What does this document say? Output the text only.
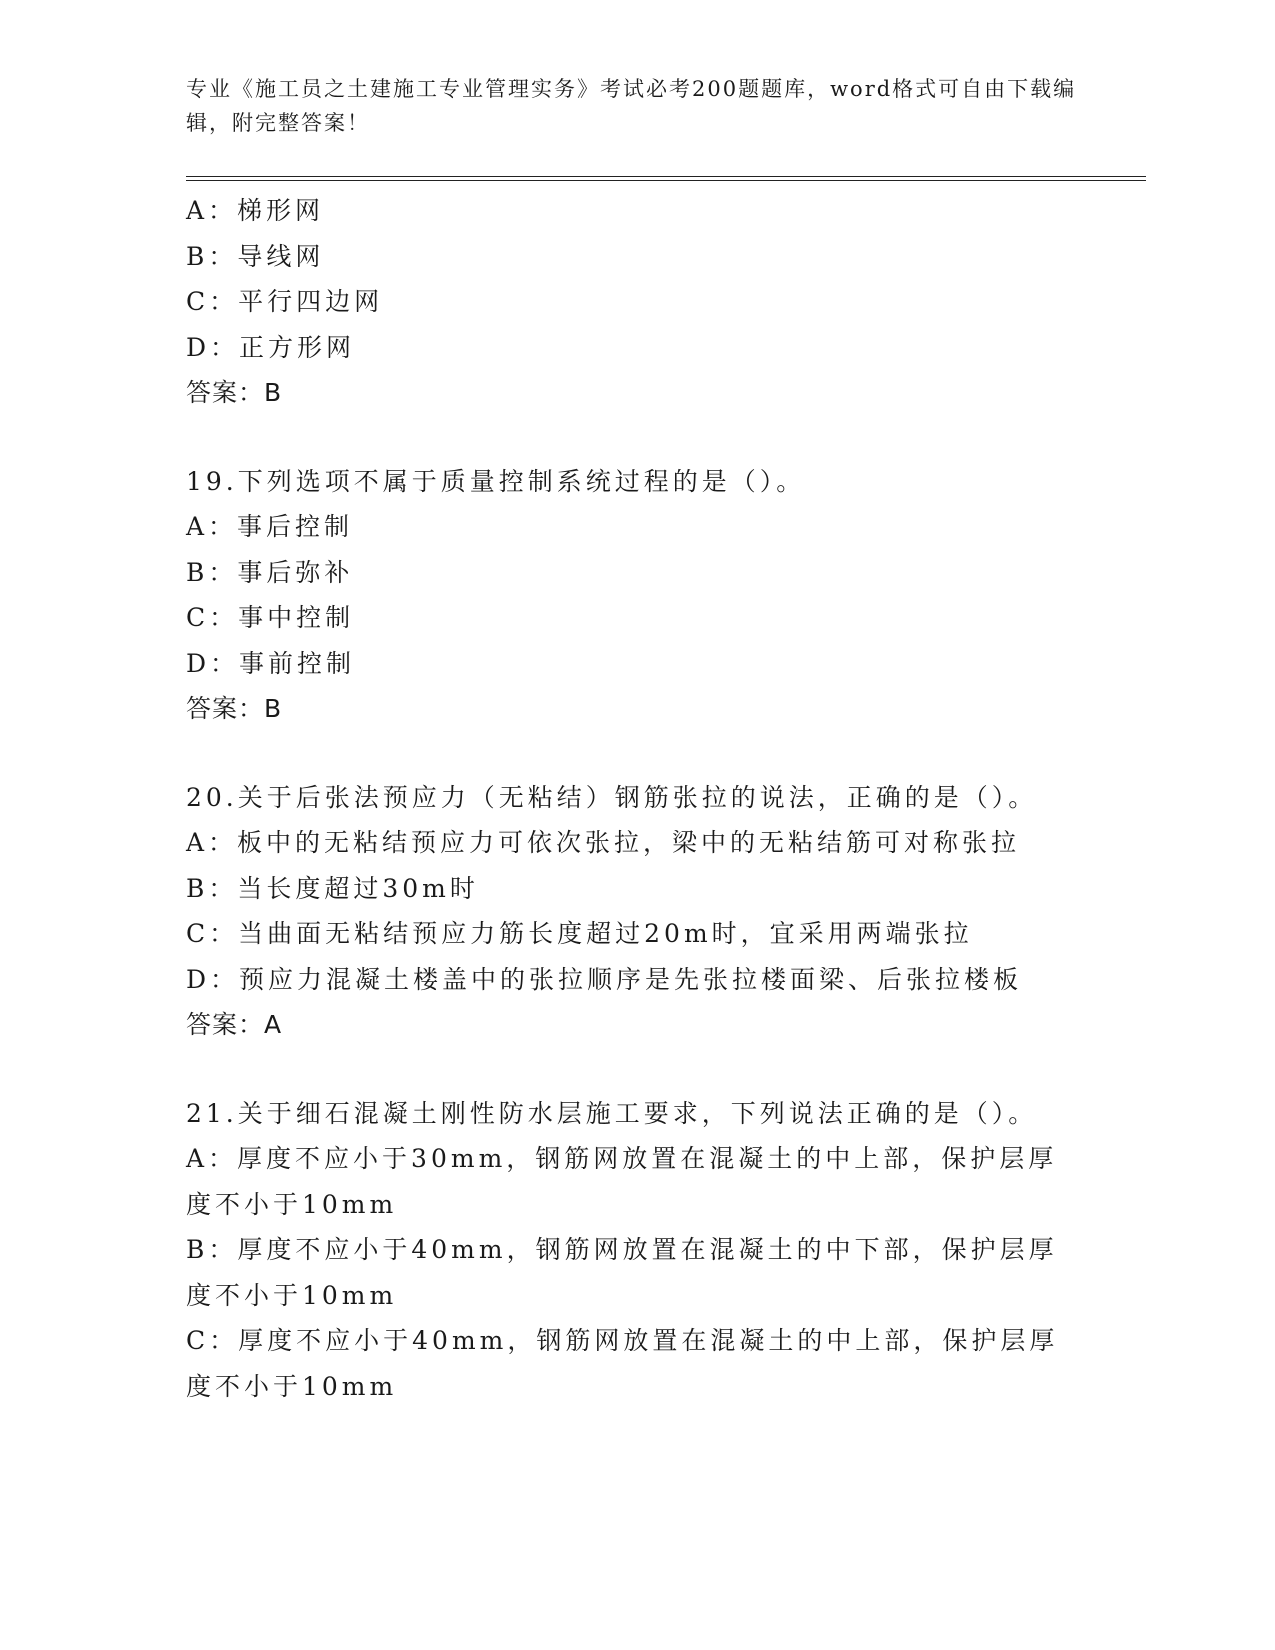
专业《施工员之土建施工专业管理实务》考试必考200题题库，word格式可自由下载编辑，附完整答案！
A：梯形网
B：导线网
C：平行四边网
D：正方形网
答案：B
19.下列选项不属于质量控制系统过程的是（）。
A：事后控制
B：事后弥补
C：事中控制
D：事前控制
答案：B
20.关于后张法预应力（无粘结）钢筋张拉的说法，正确的是（）。
A：板中的无粘结预应力可依次张拉，梁中的无粘结筋可对称张拉
B：当长度超过30m时
C：当曲面无粘结预应力筋长度超过20m时，宜采用两端张拉
D：预应力混凝土楼盖中的张拉顺序是先张拉楼面梁、后张拉楼板
答案：A
21.关于细石混凝土刚性防水层施工要求，下列说法正确的是（）。
A：厚度不应小于30mm，钢筋网放置在混凝土的中上部，保护层厚度不小于10mm
B：厚度不应小于40mm，钢筋网放置在混凝土的中下部，保护层厚度不小于10mm
C：厚度不应小于40mm，钢筋网放置在混凝土的中上部，保护层厚度不小于10mm
